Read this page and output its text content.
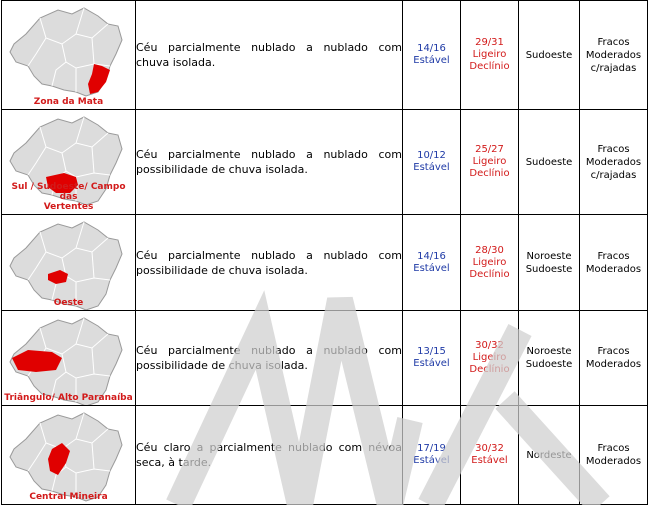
Zona da Mata	Céu parcialmente nublado a nublado com chuva isolada.	14/16
Estável	29/31
Ligeiro
Declínio	Sudoeste	Fracos
Moderados
c/rajadas

Sul / Sudoeste/ Campo das
Vertentes	Céu parcialmente nublado a nublado com possibilidade de chuva isolada.	10/12
Estável	25/27
Ligeiro
Declínio	Sudoeste	Fracos
Moderados
c/rajadas

Oeste	Céu parcialmente nublado a nublado com possibilidade de chuva isolada.	14/16
Estável	28/30
Ligeiro
Declínio	Noroeste
Sudoeste	Fracos
Moderados

Triângulo/ Alto Paranaíba	Céu parcialmente nublado a nublado com possibilidade de chuva isolada.	13/15
Estável	30/32
Ligeiro
Declínio	Noroeste
Sudoeste	Fracos
Moderados

Central Mineira	Céu claro a parcialmente nublado com névoa seca, à tarde.	17/19
Estável	30/32
Estável	Nordeste	Fracos
Moderados
